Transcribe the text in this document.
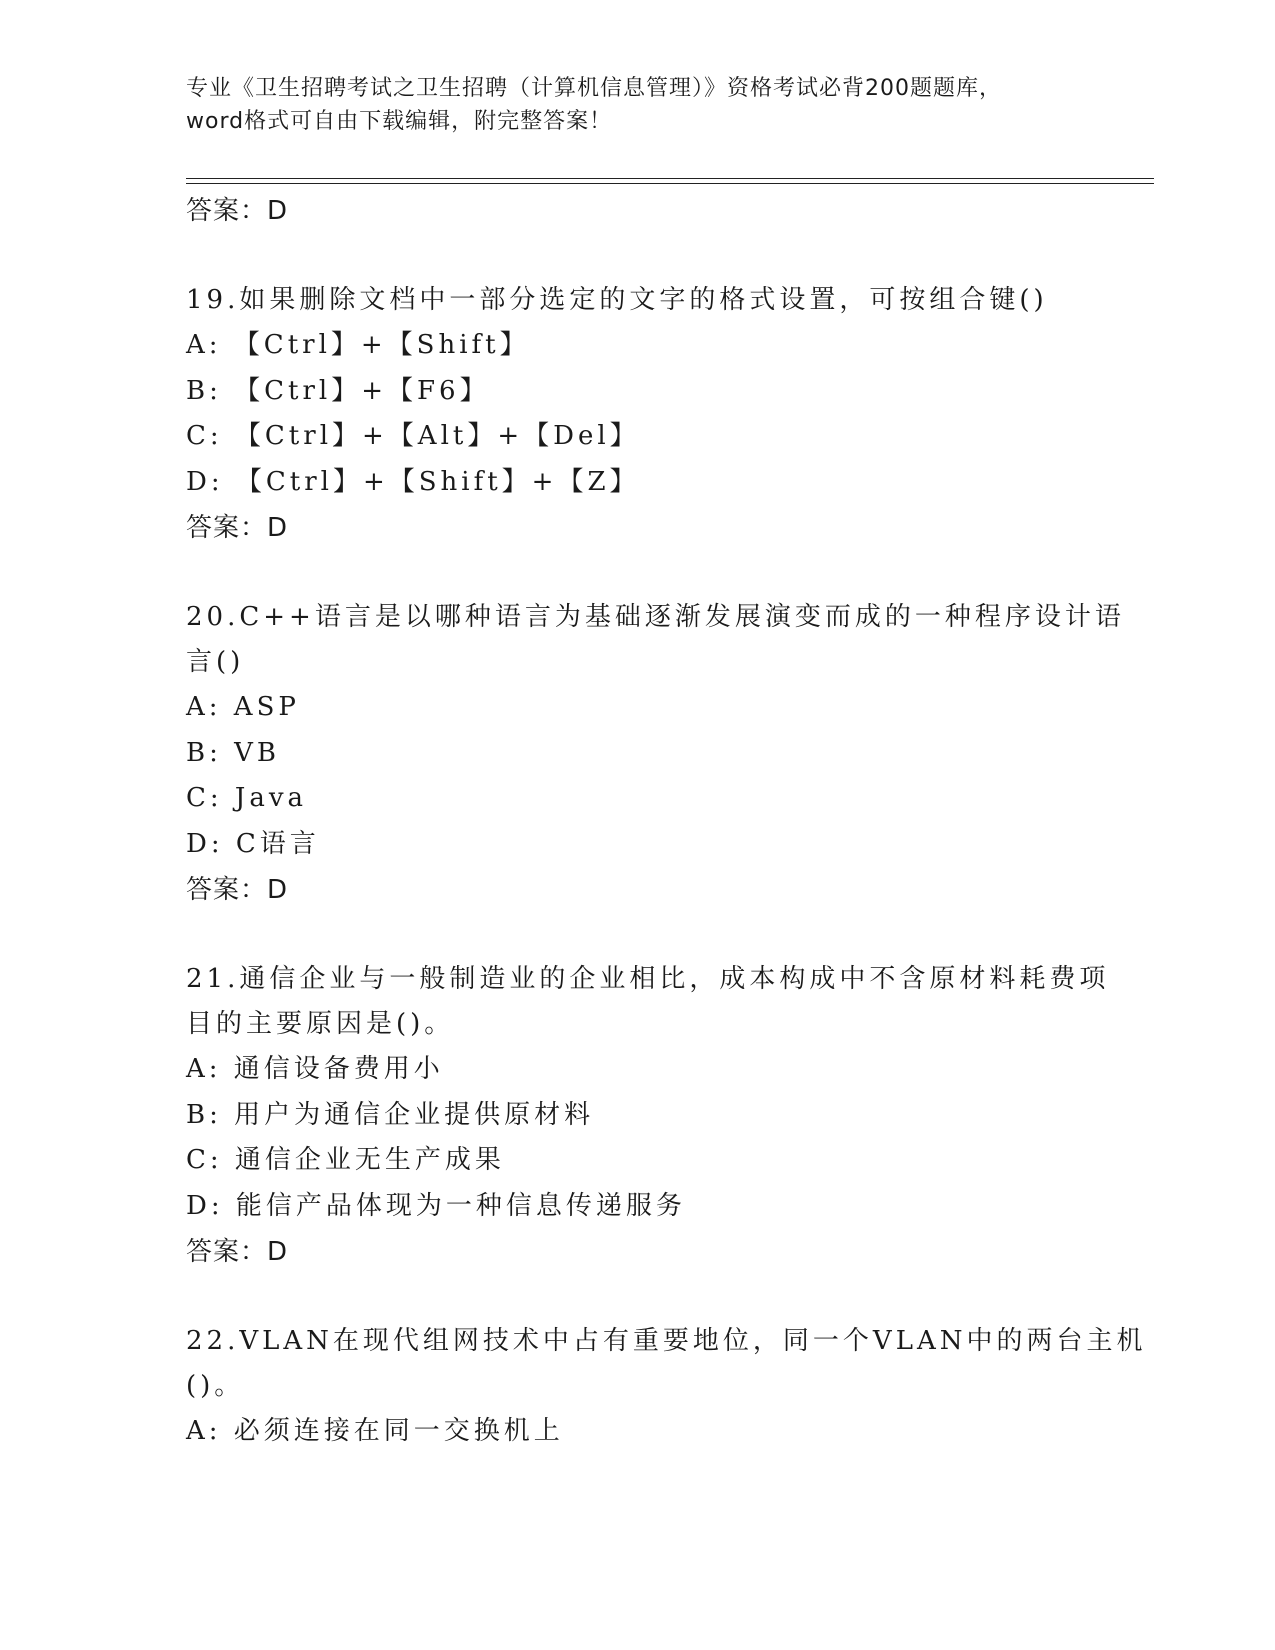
专业《卫生招聘考试之卫生招聘（计算机信息管理）》资格考试必背200题题库，
word格式可自由下载编辑，附完整答案！
答案：D
19.如果删除文档中一部分选定的文字的格式设置，可按组合键()
A: 【Ctrl】+【Shift】
B: 【Ctrl】+【F6】
C: 【Ctrl】+【Alt】+【Del】
D: 【Ctrl】+【Shift】+【Z】
答案：D
20.C++语言是以哪种语言为基础逐渐发展演变而成的一种程序设计语
言()
A: ASP
B: VB
C: Java
D: C语言
答案：D
21.通信企业与一般制造业的企业相比，成本构成中不含原材料耗费项
目的主要原因是()。
A: 通信设备费用小
B: 用户为通信企业提供原材料
C: 通信企业无生产成果
D: 能信产品体现为一种信息传递服务
答案：D
22.VLAN在现代组网技术中占有重要地位，同一个VLAN中的两台主机
()。
A: 必须连接在同一交换机上
